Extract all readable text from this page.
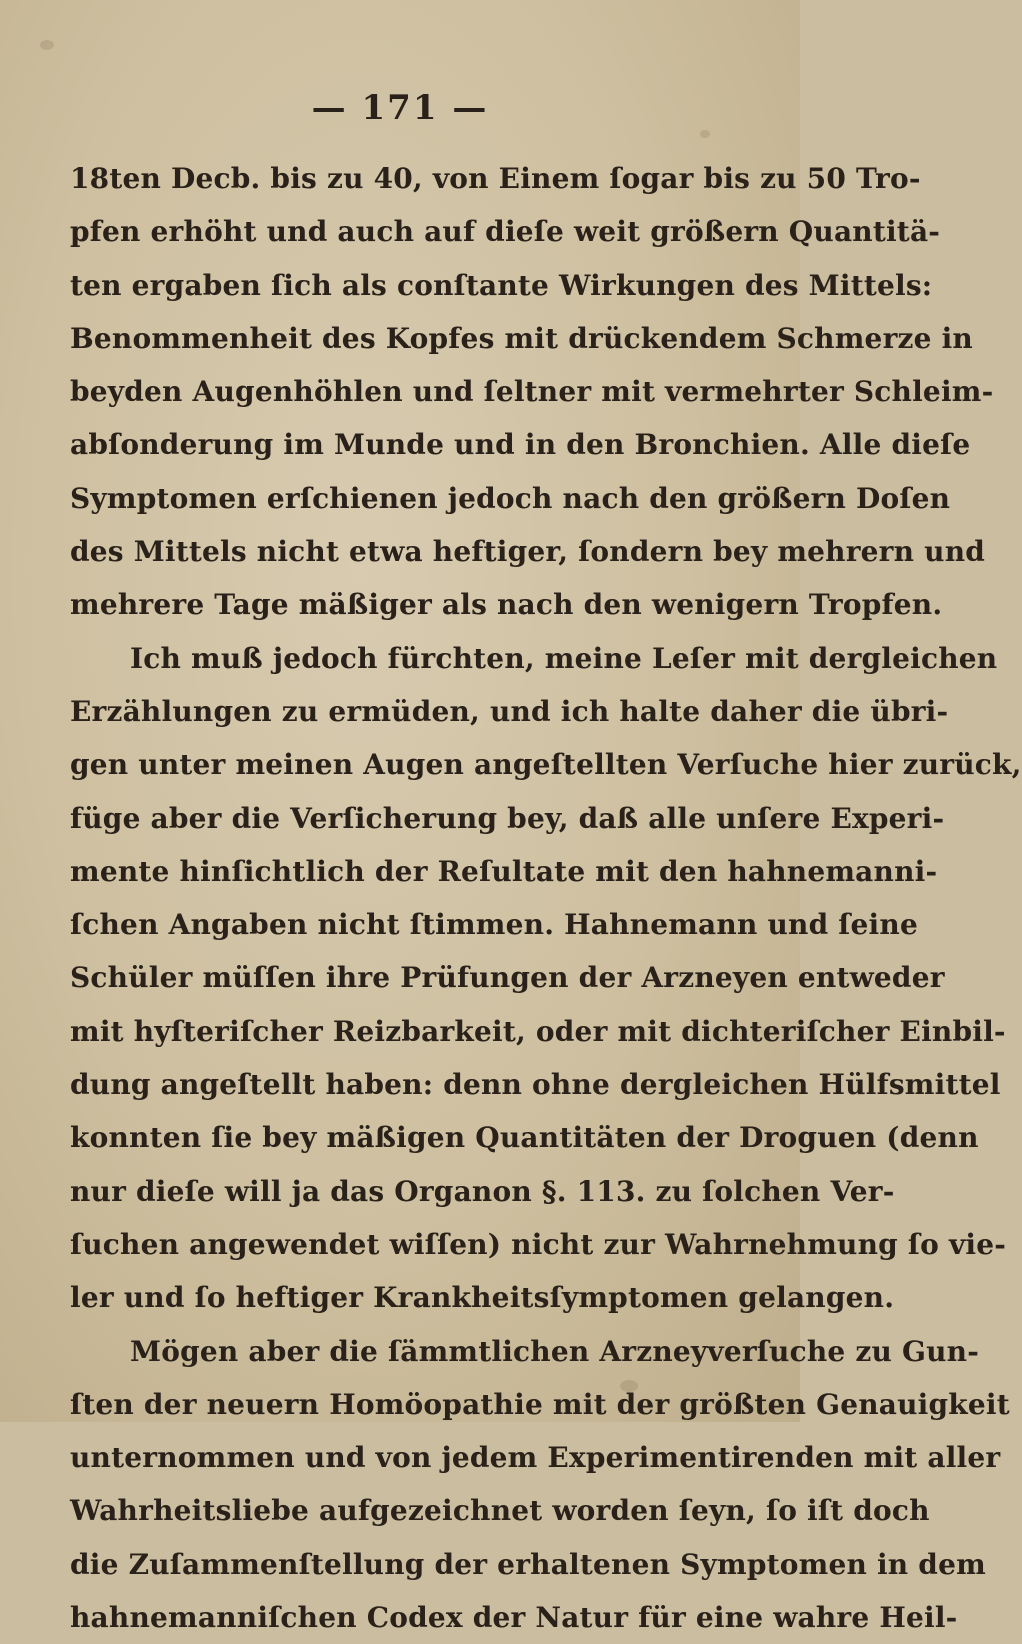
— 171 —
18ten Decb. bis zu 40, von Einem ſogar bis zu 50 Tro-
pfen erhöht und auch auf dieſe weit größern Quantitä-
ten ergaben ſich als conſtante Wirkungen des Mittels:
Benommenheit des Kopfes mit drückendem Schmerze in
beyden Augenhöhlen und ſeltner mit vermehrter Schleim-
abſonderung im Munde und in den Bronchien. Alle dieſe
Symptomen erſchienen jedoch nach den größern Doſen
des Mittels nicht etwa heftiger, ſondern bey mehrern und
mehrere Tage mäßiger als nach den wenigern Tropfen.
Ich muß jedoch fürchten, meine Leſer mit dergleichen
Erzählungen zu ermüden, und ich halte daher die übri-
gen unter meinen Augen angeſtellten Verſuche hier zurück,
füge aber die Verſicherung bey, daß alle unſere Experi-
mente hinſichtlich der Reſultate mit den hahnemanni-
ſchen Angaben nicht ſtimmen. Hahnemann und ſeine
Schüler müſſen ihre Prüfungen der Arzneyen entweder
mit hyſteriſcher Reizbarkeit, oder mit dichteriſcher Einbil-
dung angeſtellt haben: denn ohne dergleichen Hülfsmittel
konnten ſie bey mäßigen Quantitäten der Droguen (denn
nur dieſe will ja das Organon §. 113. zu ſolchen Ver-
ſuchen angewendet wiſſen) nicht zur Wahrnehmung ſo vie-
ler und ſo heftiger Krankheitsſymptomen gelangen.
Mögen aber die ſämmtlichen Arzneyverſuche zu Gun-
ſten der neuern Homöopathie mit der größten Genauigkeit
unternommen und von jedem Experimentirenden mit aller
Wahrheitsliebe aufgezeichnet worden ſeyn, ſo iſt doch
die Zuſammenſtellung der erhaltenen Symptomen in dem
hahnemanniſchen Codex der Natur für eine wahre Heil-
